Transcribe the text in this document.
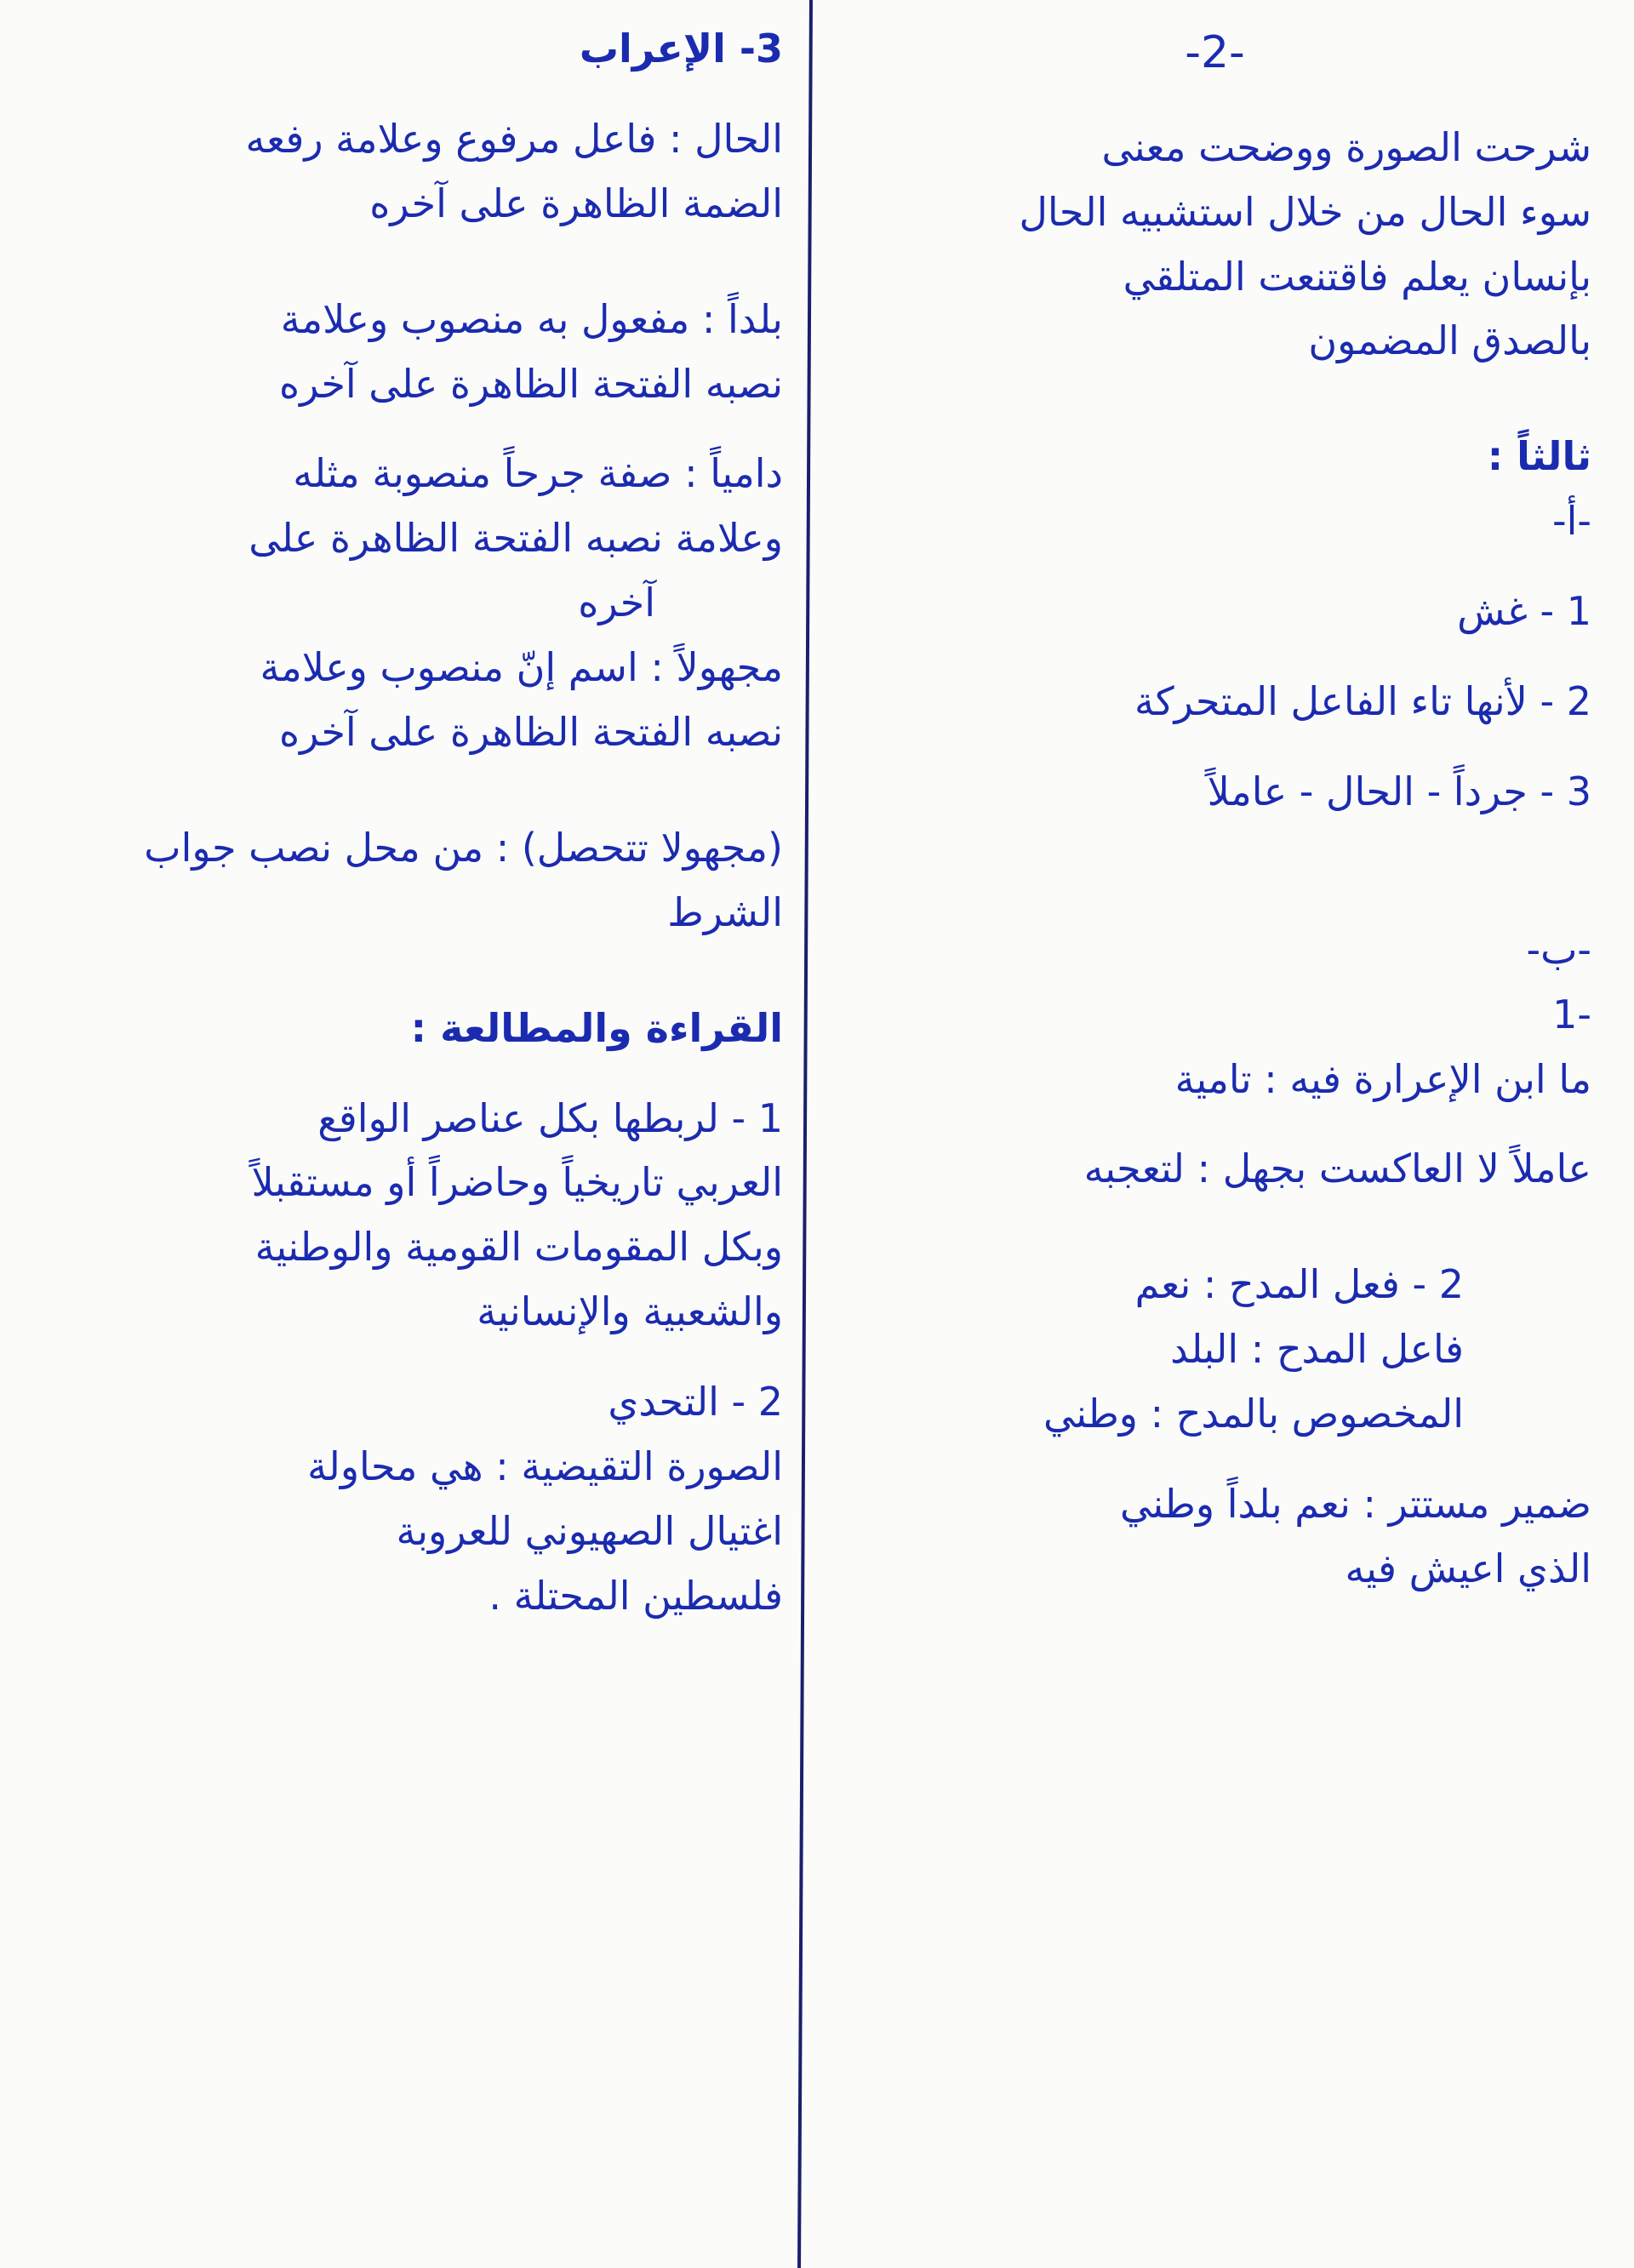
-2-
شرحت الصورة ووضحت معنى
سوء الحال من خلال استشبيه الحال
بإنسان يعلم فاقتنعت المتلقي
بالصدق المضمون
ثالثاً :
-أ-
1 - غش
2 - لأنها تاء الفاعل المتحركة
3 - جرداً - الحال - عاملاً
-ب-
-1
ما ابن الإعرارة فيه : تامية
عاملاً لا العاكست بجهل : لتعجبه
2 - فعل المدح : نعم
فاعل المدح : البلد
المخصوص بالمدح : وطني
ضمير مستتر : نعم بلداً وطني
الذي اعيش فيه
3- الإعراب
الحال : فاعل مرفوع وعلامة رفعه
الضمة الظاهرة على آخره
بلداً : مفعول به منصوب وعلامة
نصبه الفتحة الظاهرة على آخره
دامياً : صفة جرحاً منصوبة مثله
وعلامة نصبه الفتحة الظاهرة على
آخره
مجهولاً : اسم إنّ منصوب وعلامة
نصبه الفتحة الظاهرة على آخره
(مجهولا تتحصل) : من محل نصب جواب
الشرط
القراءة والمطالعة :
1 - لربطها بكل عناصر الواقع
العربي تاريخياً وحاضراً أو مستقبلاً
وبكل المقومات القومية والوطنية
والشعبية والإنسانية
2 - التحدي
الصورة التقيضية : هي محاولة
اغتيال الصهيوني للعروبة
فلسطين المحتلة .
